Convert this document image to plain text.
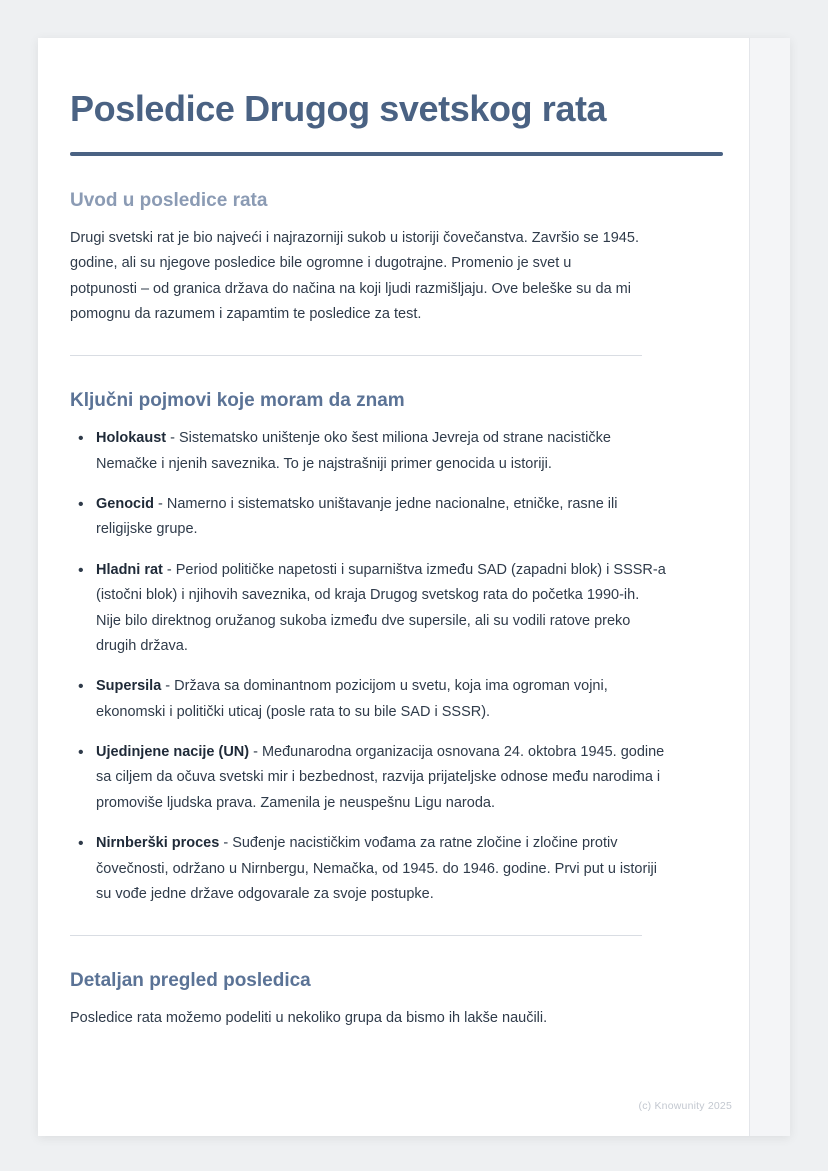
Posledice Drugog svetskog rata
Uvod u posledice rata

Drugi svetski rat je bio najveći i najrazorniji sukob u istoriji čovečanstva. Završio se 1945. godine, ali su njegove posledice bile ogromne i dugotrajne. Promenio je svet u potpunosti – od granica država do načina na koji ljudi razmišljaju. Ove beleške su da mi pomognu da razumem i zapamtim te posledice za test.

Ključni pojmovi koje moram da znam
• Holokaust - Sistematsko uništenje oko šest miliona Jevreja od strane nacističke Nemačke i njenih saveznika. To je najstrašniji primer genocida u istoriji.
• Genocid - Namerno i sistematsko uništavanje jedne nacionalne, etničke, rasne ili religijske grupe.
• Hladni rat - Period političke napetosti i suparništva između SAD (zapadni blok) i SSSR-a (istočni blok) i njihovih saveznika, od kraja Drugog svetskog rata do početka 1990-ih. Nije bilo direktnog oružanog sukoba između dve supersile, ali su vodili ratove preko drugih država.
• Supersila - Država sa dominantnom pozicijom u svetu, koja ima ogroman vojni, ekonomski i politički uticaj (posle rata to su bile SAD i SSSR).
• Ujedinjene nacije (UN) - Međunarodna organizacija osnovana 24. oktobra 1945. godine sa ciljem da očuva svetski mir i bezbednost, razvija prijateljske odnose među narodima i promoviše ljudska prava. Zamenila je neuspešnu Ligu naroda.
• Nirnberški proces - Suđenje nacističkim vođama za ratne zločine i zločine protiv čovečnosti, održano u Nirnbergu, Nemačka, od 1945. do 1946. godine. Prvi put u istoriji su vođe jedne države odgovarale za svoje postupke.
Detaljan pregled posledica

Posledice rata možemo podeliti u nekoliko grupa da bismo ih lakše naučili.

(c) Knowunity 2025
